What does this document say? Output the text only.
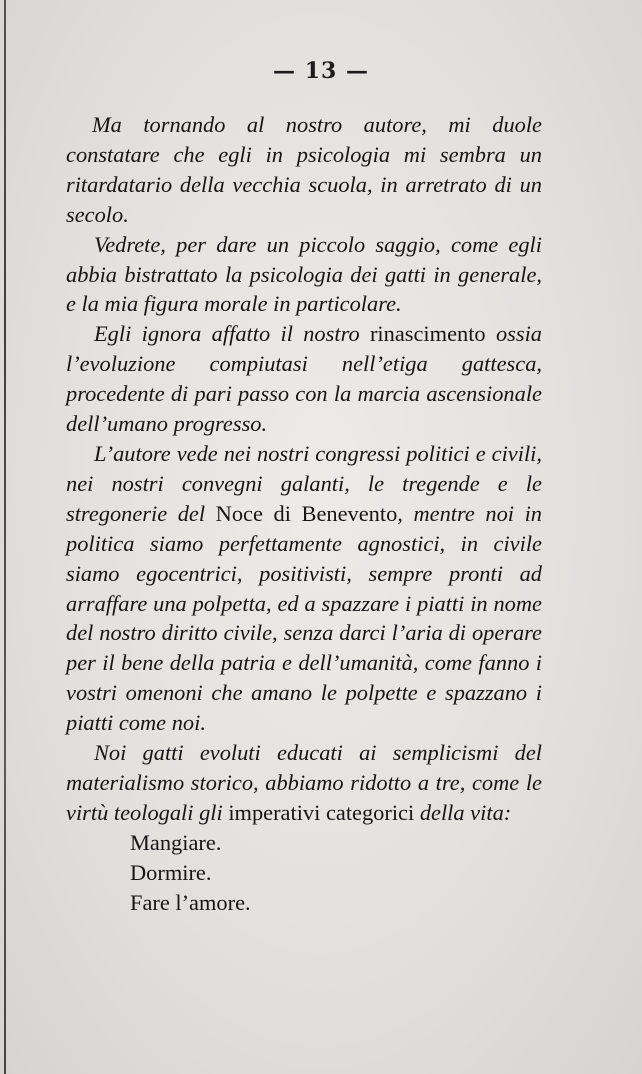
— 13 —

Ma tornando al nostro autore, mi duole constatare che egli in psicologia mi sembra un ritardatario della vecchia scuola, in arretrato di un secolo.

Vedrete, per dare un piccolo saggio, come egli abbia bistrattato la psicologia dei gatti in generale, e la mia figura morale in particolare.

Egli ignora affatto il nostro rinascimento ossia l’evoluzione compiutasi nell’etiga gattesca, procedente di pari passo con la marcia ascensionale dell’umano progresso.

L’autore vede nei nostri congressi politici e civili, nei nostri convegni galanti, le tregende e le stregonerie del Noce di Benevento, mentre noi in politica siamo perfettamente agnostici, in civile siamo egocentrici, positivisti, sempre pronti ad arraffare una polpetta, ed a spazzare i piatti in nome del nostro diritto civile, senza darci l’aria di operare per il bene della patria e dell’umanità, come fanno i vostri omenoni che amano le polpette e spazzano i piatti come noi.

Noi gatti evoluti educati ai semplicismi del materialismo storico, abbiamo ridotto a tre, come le virtù teologali gli imperativi categorici della vita:

Mangiare.
Dormire.
Fare l’amore.
